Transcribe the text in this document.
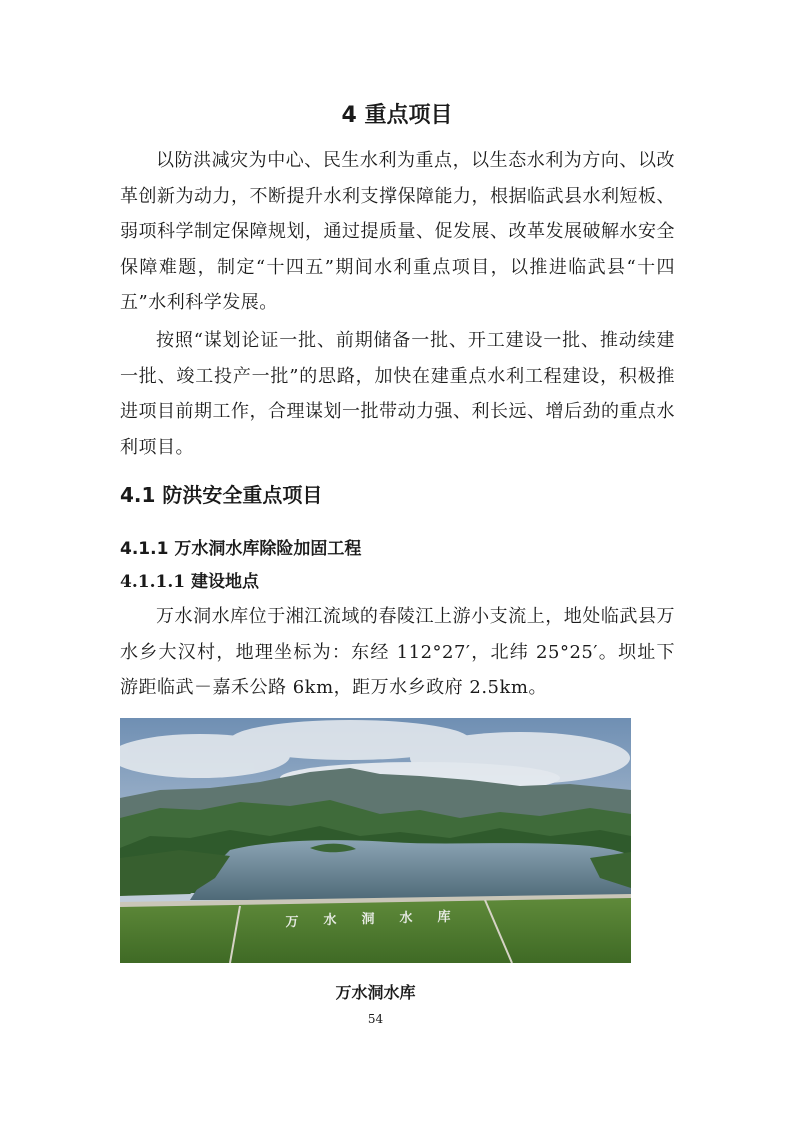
4 重点项目

以防洪减灾为中心、民生水利为重点，以生态水利为方向、以改革创新为动力，不断提升水利支撑保障能力，根据临武县水利短板、弱项科学制定保障规划，通过提质量、促发展、改革发展破解水安全保障难题，制定“十四五”期间水利重点项目，以推进临武县“十四五”水利科学发展。

按照“谋划论证一批、前期储备一批、开工建设一批、推动续建一批、竣工投产一批”的思路，加快在建重点水利工程建设，积极推进项目前期工作，合理谋划一批带动力强、利长远、增后劲的重点水利项目。

4.1 防洪安全重点项目
4.1.1 万水洞水库除险加固工程
4.1.1.1 建设地点

万水洞水库位于湘江流域的春陵江上游小支流上，地处临武县万水乡大汉村，地理坐标为：东经 112°27′，北纬 25°25′。坝址下游距临武－嘉禾公路 6km，距万水乡政府 2.5km。

万 水 洞 水 库

万水洞水库

54
